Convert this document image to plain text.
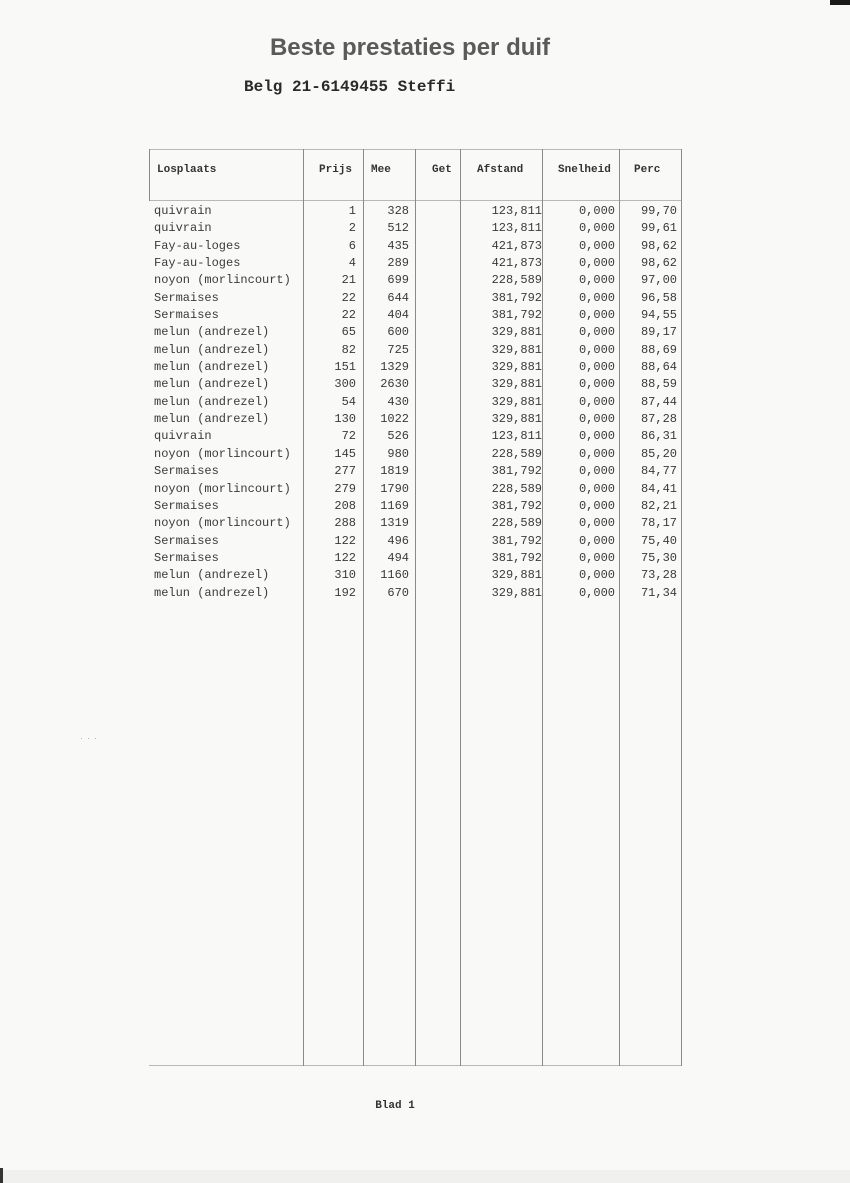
Beste prestaties per duif
Belg 21-6149455 Steffi
Losplaats	Prijs Mee	Get Afstand	Snelheid Perc
quivrain	1	328	123,811	0,000 99,70
quivrain	2	512	123,811	0,000 99,61
Fay-au-loges	6	435	421,873	0,000 98,62
Fay-au-loges	4	289	421,873	0,000 98,62
noyon (morlincourt)	21	699	228,589	0,000 97,00
Sermaises	22	644	381,792	0,000 96,58
Sermaises	22	404	381,792	0,000 94,55
melun (andrezel)	65	600	329,881	0,000 89,17
melun (andrezel)	82	725	329,881	0,000 88,69
melun (andrezel)	151 1329	329,881	0,000 88,64
melun (andrezel)	300 2630	329,881	0,000 88,59
melun (andrezel)	54	430	329,881	0,000 87,44
melun (andrezel)	130 1022	329,881	0,000 87,28
quivrain	72	526	123,811	0,000 86,31
noyon (morlincourt)	145	980	228,589	0,000 85,20
Sermaises	277 1819	381,792	0,000 84,77
noyon (morlincourt)	279 1790	228,589	0,000 84,41
Sermaises	208 1169	381,792	0,000 82,21
noyon (morlincourt)	288 1319	228,589	0,000 78,17
Sermaises	122	496	381,792	0,000 75,40
Sermaises	122	494	381,792	0,000 75,30
melun (andrezel)	310 1160	329,881	0,000 73,28
melun (andrezel)	192	670	329,881	0,000 71,34
···
Blad 1
